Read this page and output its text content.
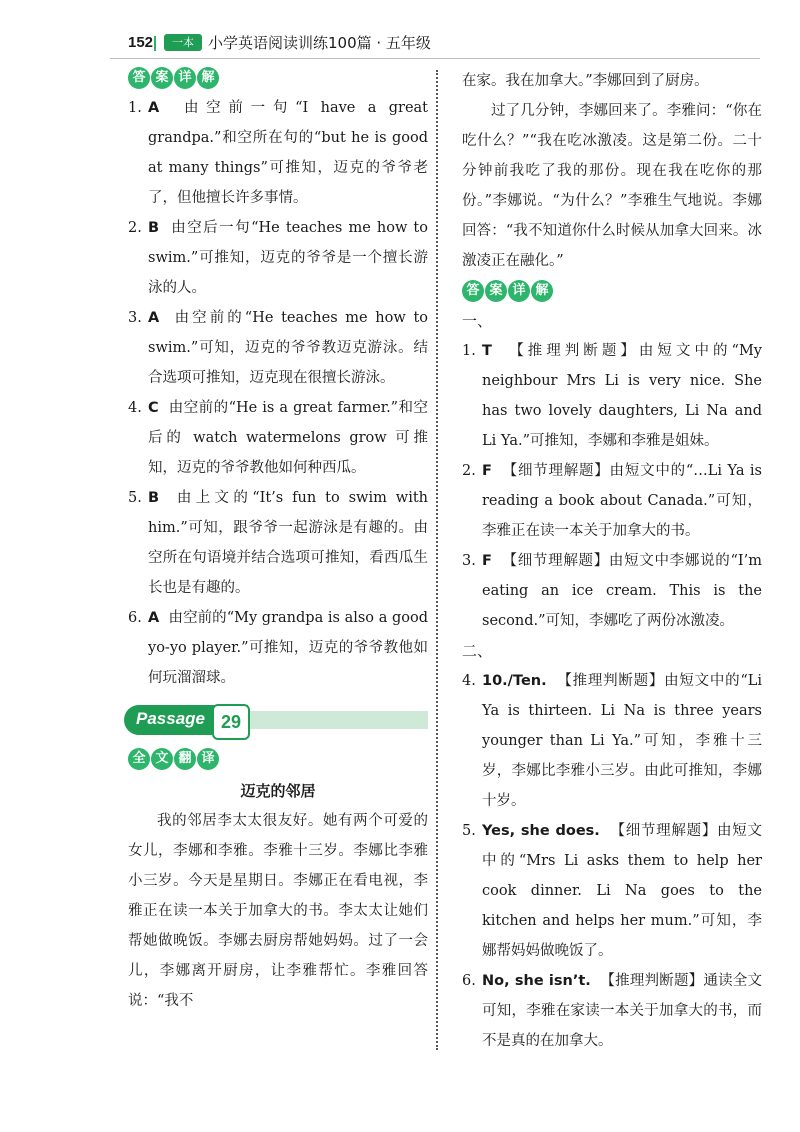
152	一本 小学英语阅读训练100篇 · 五年级
答 案 详 解
1. A 由空前一句“I have a great grandpa.”和空所在句的“but he is good at many things”可推知，迈克的爷爷老了，但他擅长许多事情。
2. B 由空后一句“He teaches me how to swim.”可推知，迈克的爷爷是一个擅长游泳的人。
3. A 由空前的“He teaches me how to swim.”可知，迈克的爷爷教迈克游泳。结合选项可推知，迈克现在很擅长游泳。
4. C 由空前的“He is a great farmer.”和空后的 watch watermelons grow 可推知，迈克的爷爷教他如何种西瓜。
5. B 由上文的“It’s fun to swim with him.”可知，跟爷爷一起游泳是有趣的。由空所在句语境并结合选项可推知，看西瓜生长也是有趣的。
6. A 由空前的“My grandpa is also a good yo-yo player.”可推知，迈克的爷爷教他如何玩溜溜球。
Passage 29
全 文 翻 译
迈克的邻居

我的邻居李太太很友好。她有两个可爱的女儿，李娜和李雅。李雅十三岁。李娜比李雅小三岁。今天是星期日。李娜正在看电视，李雅正在读一本关于加拿大的书。李太太让她们帮她做晚饭。李娜去厨房帮她妈妈。过了一会儿，李娜离开厨房，让李雅帮忙。李雅回答说：“我不

在家。我在加拿大。”李娜回到了厨房。

过了几分钟，李娜回来了。李雅问：“你在吃什么？”“我在吃冰激凌。这是第二份。二十分钟前我吃了我的那份。现在我在吃你的那份。”李娜说。“为什么？”李雅生气地说。李娜回答：“我不知道你什么时候从加拿大回来。冰激凌正在融化。”

答 案 详 解
一、
1. T 【推理判断题】由短文中的“My neighbour Mrs Li is very nice. She has two lovely daughters, Li Na and Li Ya.”可推知，李娜和李雅是姐妹。
2. F 【细节理解题】由短文中的“…Li Ya is reading a book about Canada.”可知，李雅正在读一本关于加拿大的书。
3. F 【细节理解题】由短文中李娜说的“I’m eating an ice cream. This is the second.”可知，李娜吃了两份冰激凌。
二、
4. 10./Ten. 【推理判断题】由短文中的“Li Ya is thirteen. Li Na is three years younger than Li Ya.”可知，李雅十三岁，李娜比李雅小三岁。由此可推知，李娜十岁。
5. Yes, she does. 【细节理解题】由短文中的“Mrs Li asks them to help her cook dinner. Li Na goes to the kitchen and helps her mum.”可知，李娜帮妈妈做晚饭了。
6. No, she isn’t. 【推理判断题】通读全文可知，李雅在家读一本关于加拿大的书，而不是真的在加拿大。
